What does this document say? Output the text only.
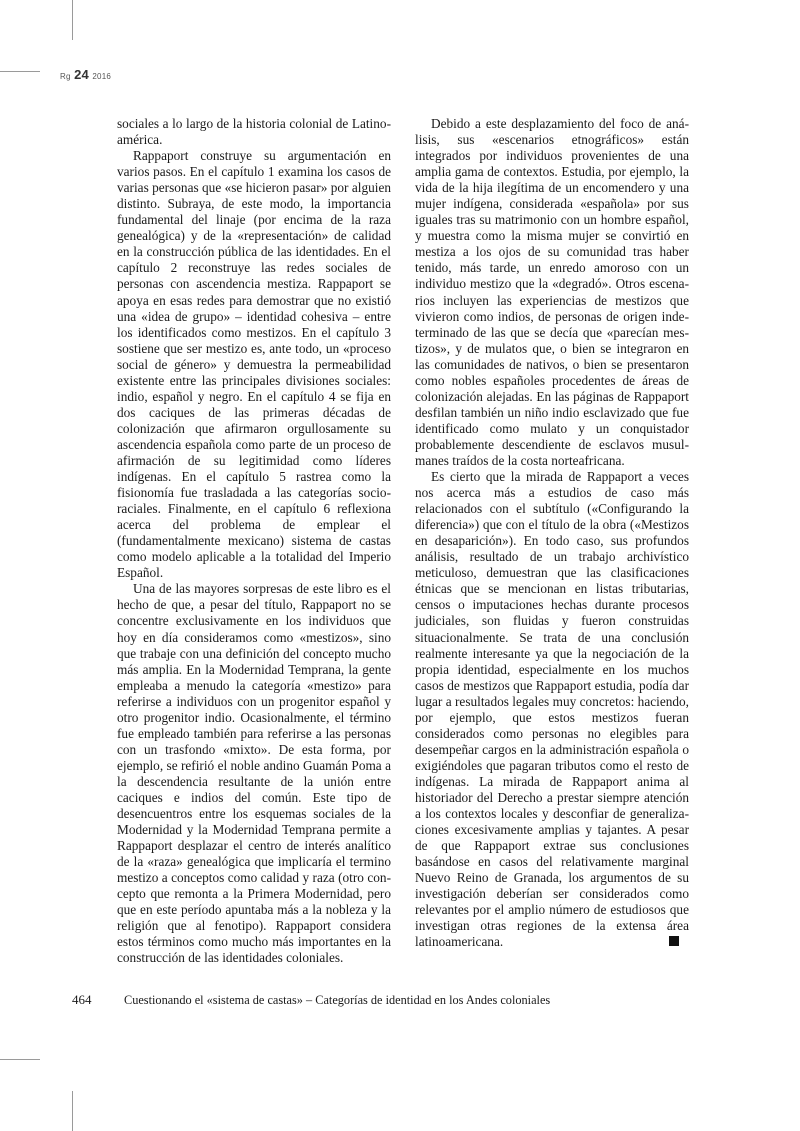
Rg 24 2016

sociales a lo largo de la historia colonial de Latinoamérica.

Rappaport construye su argumentación en varios pasos. En el capítulo 1 examina los casos de varias personas que «se hicieron pasar» por alguien distinto. Subraya, de este modo, la importancia fundamental del linaje (por encima de la raza genealógica) y de la «representación» de calidad en la construcción pública de las identidades. En el capítulo 2 reconstruye las redes sociales de personas con ascendencia mestiza. Rappaport se apoya en esas redes para demostrar que no existió una «idea de grupo» – identidad cohesiva – entre los identificados como mestizos. En el capítulo 3 sostiene que ser mestizo es, ante todo, un «proceso social de género» y demuestra la permeabilidad existente entre las principales divisiones sociales: indio, español y negro. En el capítulo 4 se fija en dos caciques de las primeras décadas de colonización que afirmaron orgullosamente su ascendencia española como parte de un proceso de afirmación de su legitimidad como líderes indígenas. En el capítulo 5 rastrea como la fisionomía fue trasladada a las categorías socio-raciales. Finalmente, en el capítulo 6 reflexiona acerca del problema de emplear el (fundamentalmente mexicano) sistema de castas como modelo aplicable a la totalidad del Imperio Español.

Una de las mayores sorpresas de este libro es el hecho de que, a pesar del título, Rappaport no se concentre exclusivamente en los individuos que hoy en día consideramos como «mestizos», sino que trabaje con una definición del concepto mucho más amplia. En la Modernidad Temprana, la gente empleaba a menudo la categoría «mestizo» para referirse a individuos con un progenitor español y otro progenitor indio. Ocasionalmente, el término fue empleado también para referirse a las personas con un trasfondo «mixto». De esta forma, por ejemplo, se refirió el noble andino Guamán Poma a la descendencia resultante de la unión entre caciques e indios del común. Este tipo de desencuentros entre los esquemas sociales de la Modernidad y la Modernidad Temprana permite a Rappaport desplazar el centro de interés analítico de la «raza» genealógica que implicaría el termino mestizo a conceptos como calidad y raza (otro concepto que remonta a la Primera Modernidad, pero que en este período apuntaba más a la nobleza y la religión que al fenotipo). Rappaport considera estos términos como mucho más importantes en la construcción de las identidades coloniales.

Debido a este desplazamiento del foco de análisis, sus «escenarios etnográficos» están integrados por individuos provenientes de una amplia gama de contextos. Estudia, por ejemplo, la vida de la hija ilegítima de un encomendero y una mujer indígena, considerada «española» por sus iguales tras su matrimonio con un hombre español, y muestra como la misma mujer se convirtió en mestiza a los ojos de su comunidad tras haber tenido, más tarde, un enredo amoroso con un individuo mestizo que la «degradó». Otros escenarios incluyen las experiencias de mestizos que vivieron como indios, de personas de origen indeterminado de las que se decía que «parecían mestizos», y de mulatos que, o bien se integraron en las comunidades de nativos, o bien se presentaron como nobles españoles procedentes de áreas de colonización alejadas. En las páginas de Rappaport desfilan también un niño indio esclavizado que fue identificado como mulato y un conquistador probablemente descendiente de esclavos musulmanes traídos de la costa norteafricana.

Es cierto que la mirada de Rappaport a veces nos acerca más a estudios de caso más relacionados con el subtítulo («Configurando la diferencia») que con el título de la obra («Mestizos en desaparición»). En todo caso, sus profundos análisis, resultado de un trabajo archivístico meticuloso, demuestran que las clasificaciones étnicas que se mencionan en listas tributarias, censos o imputaciones hechas durante procesos judiciales, son fluidas y fueron construidas situacionalmente. Se trata de una conclusión realmente interesante ya que la negociación de la propia identidad, especialmente en los muchos casos de mestizos que Rappaport estudia, podía dar lugar a resultados legales muy concretos: haciendo, por ejemplo, que estos mestizos fueran considerados como personas no elegibles para desempeñar cargos en la administración española o exigiéndoles que pagaran tributos como el resto de indígenas. La mirada de Rappaport anima al historiador del Derecho a prestar siempre atención a los contextos locales y desconfiar de generalizaciones excesivamente amplias y tajantes. A pesar de que Rappaport extrae sus conclusiones basándose en casos del relativamente marginal Nuevo Reino de Granada, los argumentos de su investigación deberían ser considerados como relevantes por el amplio número de estudiosos que investigan otras regiones de la extensa área latinoamericana.

464	Cuestionando el «sistema de castas» – Categorías de identidad en los Andes coloniales
